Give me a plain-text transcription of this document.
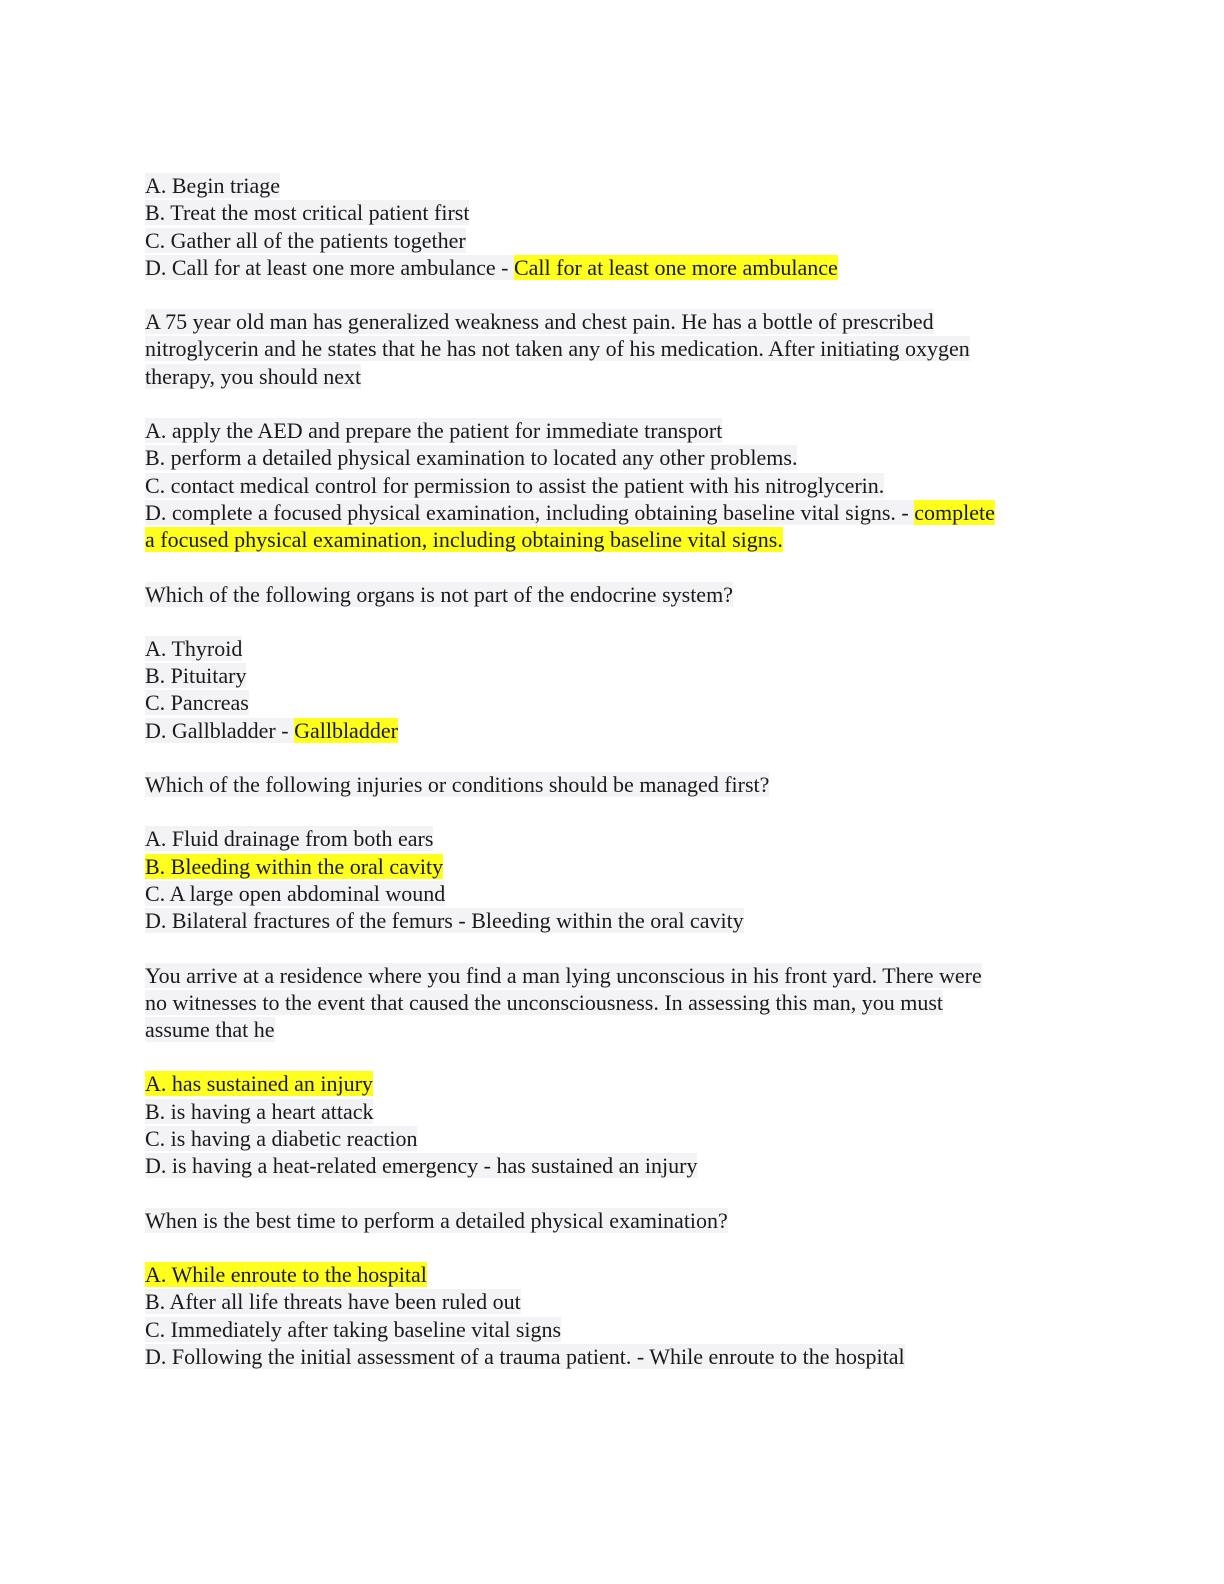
A. Begin triage
B. Treat the most critical patient first
C. Gather all of the patients together
D. Call for at least one more ambulance - Call for at least one more ambulance
A 75 year old man has generalized weakness and chest pain. He has a bottle of prescribed
nitroglycerin and he states that he has not taken any of his medication. After initiating oxygen
therapy, you should next
A. apply the AED and prepare the patient for immediate transport
B. perform a detailed physical examination to located any other problems.
C. contact medical control for permission to assist the patient with his nitroglycerin.
D. complete a focused physical examination, including obtaining baseline vital signs. - complete
a focused physical examination, including obtaining baseline vital signs.
Which of the following organs is not part of the endocrine system?
A. Thyroid
B. Pituitary
C. Pancreas
D. Gallbladder - Gallbladder
Which of the following injuries or conditions should be managed first?
A. Fluid drainage from both ears
B. Bleeding within the oral cavity
C. A large open abdominal wound
D. Bilateral fractures of the femurs - Bleeding within the oral cavity
You arrive at a residence where you find a man lying unconscious in his front yard. There were
no witnesses to the event that caused the unconsciousness. In assessing this man, you must
assume that he
A. has sustained an injury
B. is having a heart attack
C. is having a diabetic reaction
D. is having a heat-related emergency - has sustained an injury
When is the best time to perform a detailed physical examination?
A. While enroute to the hospital
B. After all life threats have been ruled out
C. Immediately after taking baseline vital signs
D. Following the initial assessment of a trauma patient. - While enroute to the hospital
